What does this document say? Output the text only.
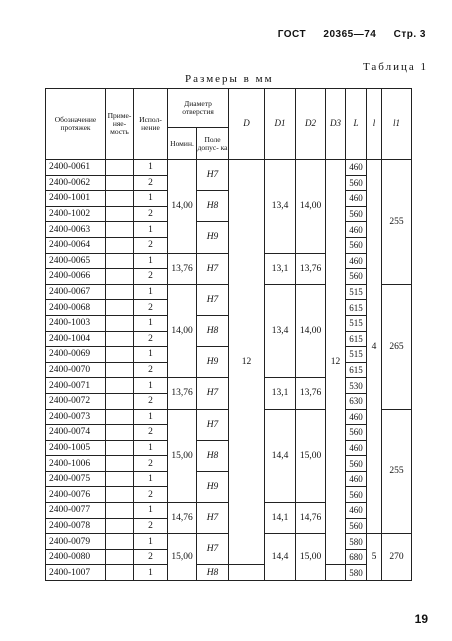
ГОСТ 20365—74 Стр. 3
Таблица 1
Размеры в мм
Обозначение протяжек	Приме- няе- мость	Испол- нение	Диаметр отверстия		D	D1	D2	D3	L	l	l1
			Номин.	Поле допус- ка							
2400-0061		1	14,00	H7	12	13,4	14,00	12	460	4	255
2400-0062		2							560		
2400-1001		1		H8					460		
2400-1002		2							560		
2400-0063		1		H9					460		
2400-0064		2							560		
2400-0065		1	13,76	H7		13,1	13,76		460		
2400-0066		2							560		
2400-0067		1	14,00	H7		13,4	14,00		515		265
2400-0068		2							615		
2400-1003		1		H8					515		
2400-1004		2							615		
2400-0069		1		H9					515		
2400-0070		2							615		
2400-0071		1	13,76	H7		13,1	13,76		530		
2400-0072		2							630		
2400-0073		1	15,00	H7		14,4	15,00		460		255
2400-0074		2							560		
2400-1005		1		H8					460		
2400-1006		2							560		
2400-0075		1		H9					460		
2400-0076		2							560		
2400-0077		1	14,76	H7		14,1	14,76		460		
2400-0078		2							560		
2400-0079		1	15,00	H7		14,4	15,00		580	5	270
2400-0080		2							680		
2400-1007		1		H8					580		
19
